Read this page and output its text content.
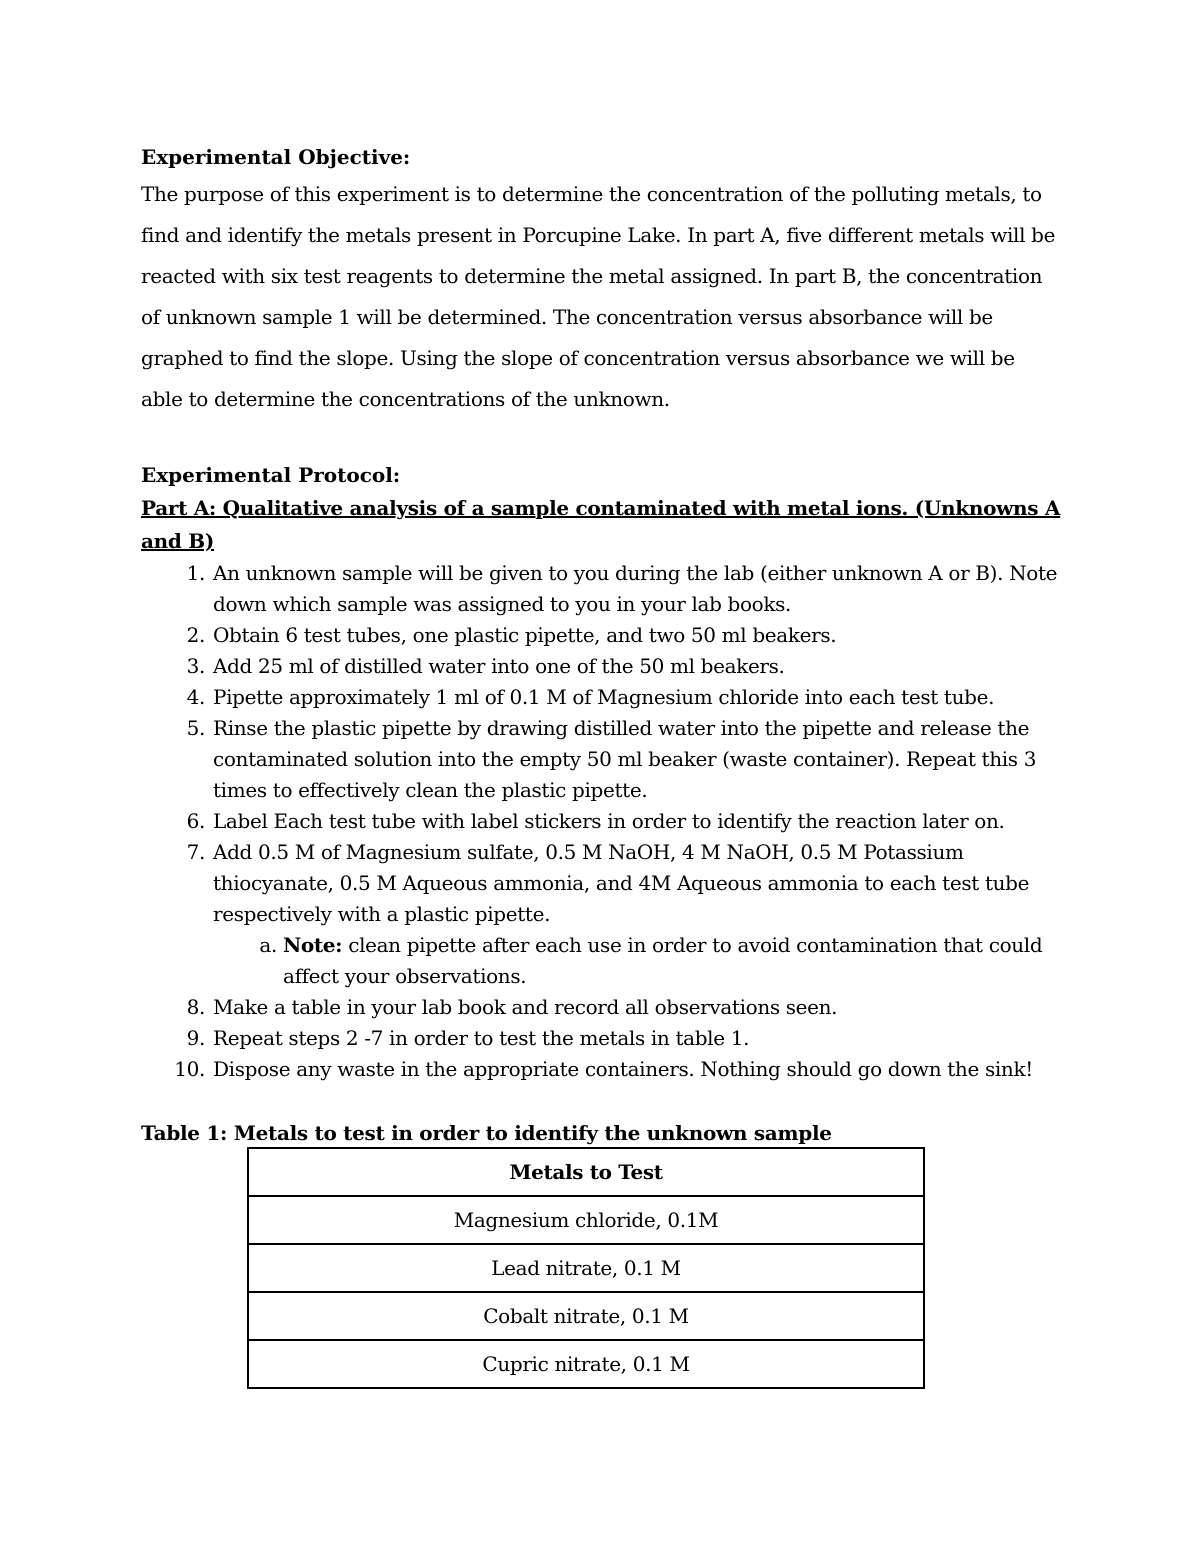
Experimental Objective:

The purpose of this experiment is to determine the concentration of the polluting metals, to find and identify the metals present in Porcupine Lake. In part A, five different metals will be reacted with six test reagents to determine the metal assigned. In part B, the concentration of unknown sample 1 will be determined. The concentration versus absorbance will be graphed to find the slope. Using the slope of concentration versus absorbance we will be able to determine the concentrations of the unknown.

Experimental Protocol:

Part A: Qualitative analysis of a sample contaminated with metal ions. (Unknowns A and B)

1. An unknown sample will be given to you during the lab (either unknown A or B). Note down which sample was assigned to you in your lab books.
2. Obtain 6 test tubes, one plastic pipette, and two 50 ml beakers.
3. Add 25 ml of distilled water into one of the 50 ml beakers.
4. Pipette approximately 1 ml of 0.1 M of Magnesium chloride into each test tube.
5. Rinse the plastic pipette by drawing distilled water into the pipette and release the contaminated solution into the empty 50 ml beaker (waste container). Repeat this 3 times to effectively clean the plastic pipette.
6. Label Each test tube with label stickers in order to identify the reaction later on.
7. Add 0.5 M of Magnesium sulfate, 0.5 M NaOH, 4 M NaOH, 0.5 M Potassium thiocyanate, 0.5 M Aqueous ammonia, and 4M Aqueous ammonia to each test tube respectively with a plastic pipette.
a. Note: clean pipette after each use in order to avoid contamination that could affect your observations.
8. Make a table in your lab book and record all observations seen.
9. Repeat steps 2 -7 in order to test the metals in table 1.
10. Dispose any waste in the appropriate containers. Nothing should go down the sink!

Table 1: Metals to test in order to identify the unknown sample

Metals to Test
Magnesium chloride, 0.1M
Lead nitrate, 0.1 M
Cobalt nitrate, 0.1 M
Cupric nitrate, 0.1 M
